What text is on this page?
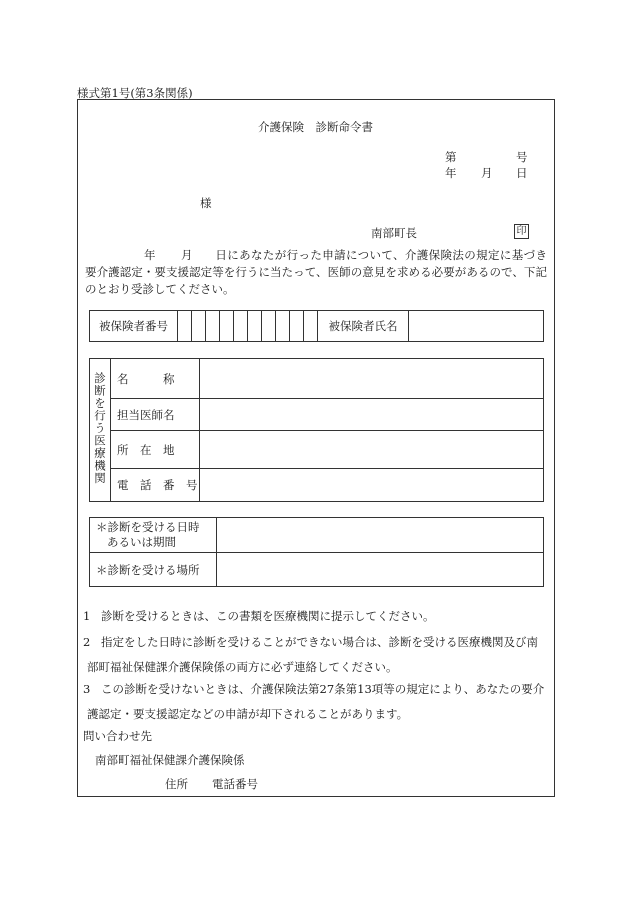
様式第1号(第3条関係)
介護保険　診断命令書
第	号
年 月 日
様
南部町長	印
年 月	日にあなたが行った申請について、介護保険法の規定に基づき要介護認定・要支援認定等を行うに当たって、医師の意見を求める必要があるので、下記のとおり受診してください。
被保険者番号											被保険者氏名	
診断を行う医療機関	名　　　称	
	担当医師名	
	所　在　地	
	電　話　番　号	
＊診断を受ける日時
あるいは期間	

＊診断を受ける場所	
1 診断を受けるときは、この書類を医療機関に提示してください。
2 指定をした日時に診断を受けることができない場合は、診断を受ける医療機関及び南
部町福祉保健課介護保険係の両方に必ず連絡してください。
3 この診断を受けないときは、介護保険法第27条第13項等の規定により、あなたの要介
護認定・要支援認定などの申請が却下されることがあります。
問い合わせ先
南部町福祉保健課介護保険係
住所 電話番号
